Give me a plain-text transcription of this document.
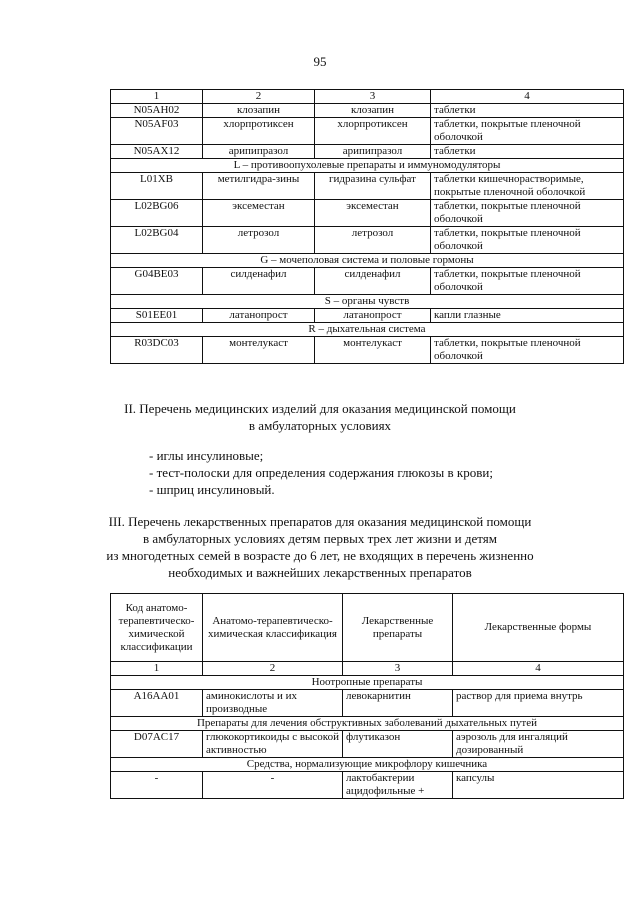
95
1	2	3	4
N05AH02	клозапин	клозапин	таблетки
N05AF03	хлорпротиксен	хлорпротиксен	таблетки, покрытые пленочной оболочкой
N05AX12	арипипразол	арипипразол	таблетки
L – противоопухолевые препараты и иммуномодуляторы			
L01XB	метилгидра-зины	гидразина сульфат	таблетки кишечнорастворимые, покрытые пленочной оболочкой
L02BG06	эксеместан	эксеместан	таблетки, покрытые пленочной оболочкой
L02BG04	летрозол	летрозол	таблетки, покрытые пленочной оболочкой
G – мочеполовая система и половые гормоны			
G04BE03	силденафил	силденафил	таблетки, покрытые пленочной оболочкой
S – органы чувств			
S01EE01	латанопрост	латанопрост	капли глазные
R – дыхательная система			
R03DC03	монтелукаст	монтелукаст	таблетки, покрытые пленочной оболочкой
II. Перечень медицинских изделий для оказания медицинской помощи
в амбулаторных условиях
- иглы инсулиновые;
- тест-полоски для определения содержания глюкозы в крови;
- шприц инсулиновый.
III. Перечень лекарственных препаратов для оказания медицинской помощи
в амбулаторных условиях детям первых трех лет жизни и детям
из многодетных семей в возрасте до 6 лет, не входящих в перечень жизненно
необходимых и важнейших лекарственных препаратов
Код анатомо-терапевтическо-химической классификации	Анатомо-терапевтическо-химическая классификация	Лекарственные препараты	Лекарственные формы
1	2	3	4
Ноотропные препараты			
A16AA01	аминокислоты и их производные	левокарнитин	раствор для приема внутрь
Препараты для лечения обструктивных заболеваний дыхательных путей			
D07AC17	глюкокортикоиды с высокой активностью	флутиказон	аэрозоль для ингаляций дозированный
Средства, нормализующие микрофлору кишечника			
-	-	лактобактерии ацидофильные +	капсулы
